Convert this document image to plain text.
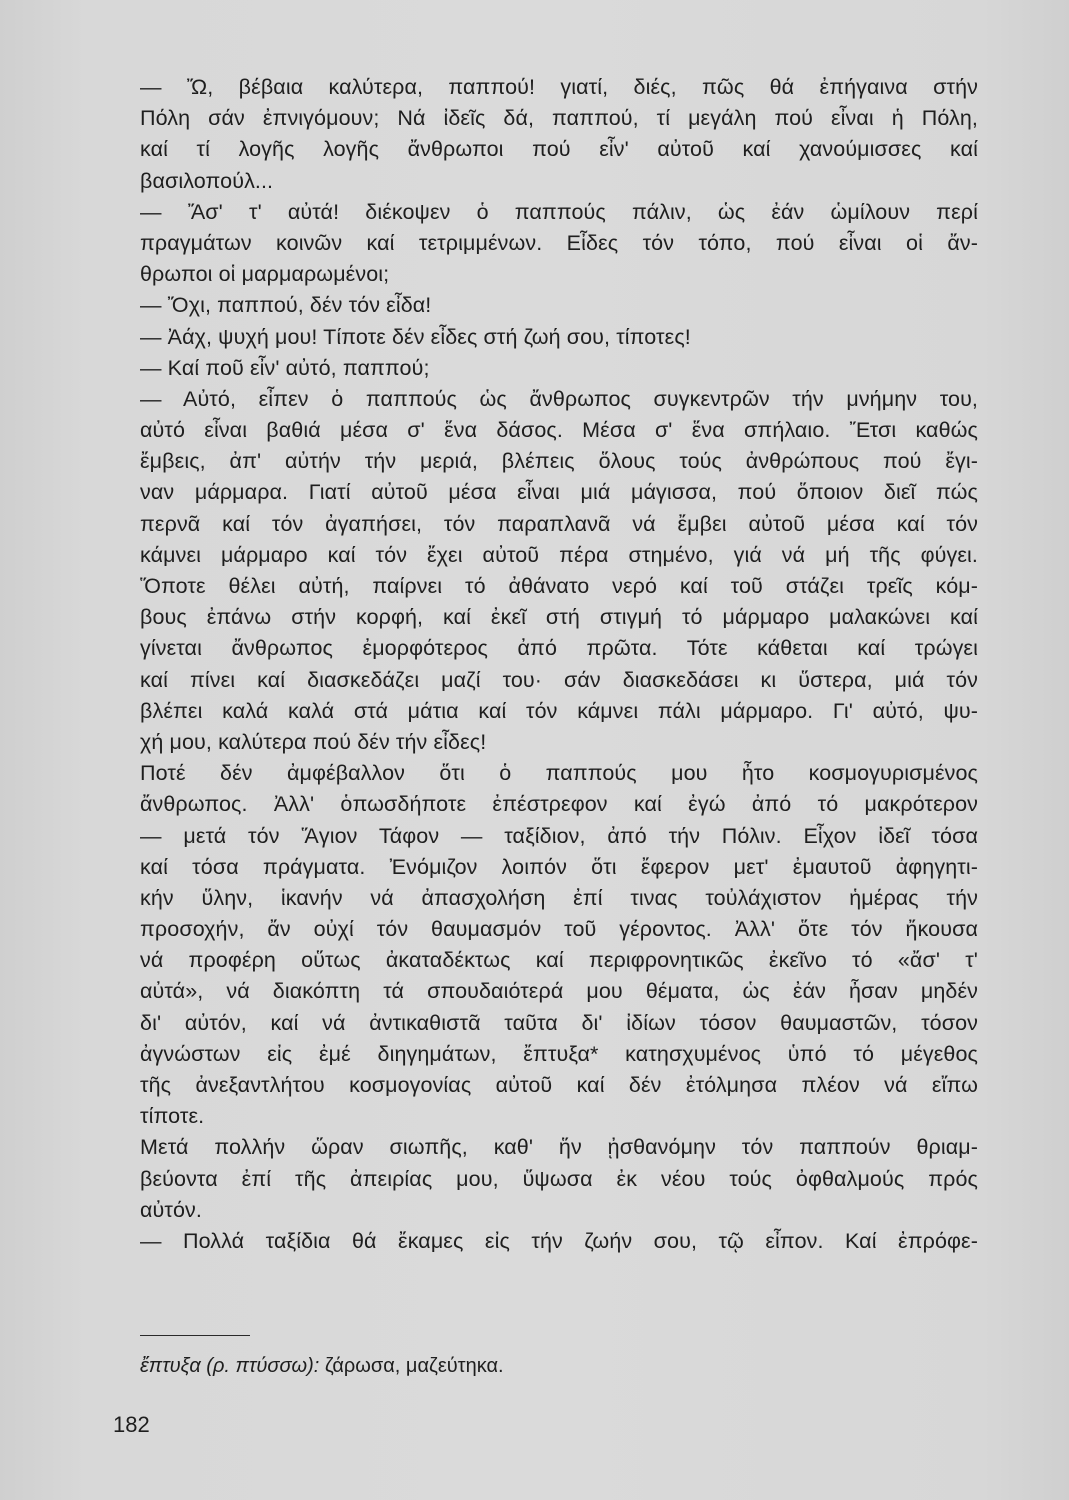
— Ὤ, βέβαια καλύτερα, παππού! γιατί, διές, πῶς θά ἐπήγαινα στήν
Πόλη σάν ἐπνιγόμουν; Νά ἰδεῖς δά, παππού, τί μεγάλη πού εἶναι ἡ Πόλη,
καί τί λογῆς λογῆς ἄνθρωποι πού εἶν' αὐτοῦ καί χανούμισσες καί
βασιλοπούλ...
— Ἄσ' τ' αὐτά! διέκοψεν ὁ παππούς πάλιν, ὡς ἐάν ὡμίλουν περί
πραγμάτων κοινῶν καί τετριμμένων. Εἶδες τόν τόπο, πού εἶναι οἱ ἄν-
θρωποι οἱ μαρμαρωμένοι;
— Ὄχι, παππού, δέν τόν εἶδα!
— Ἀάχ, ψυχή μου! Τίποτε δέν εἶδες στή ζωή σου, τίποτες!
— Καί ποῦ εἶν' αὐτό, παππού;
— Αὐτό, εἶπεν ὁ παππούς ὡς ἄνθρωπος συγκεντρῶν τήν μνήμην του,
αὐτό εἶναι βαθιά μέσα σ' ἕνα δάσος. Μέσα σ' ἕνα σπήλαιο. Ἔτσι καθώς
ἔμβεις, ἀπ' αὐτήν τήν μεριά, βλέπεις ὅλους τούς ἀνθρώπους πού ἔγι-
ναν μάρμαρα. Γιατί αὐτοῦ μέσα εἶναι μιά μάγισσα, πού ὅποιον διεῖ πώς
περνᾶ καί τόν ἀγαπήσει, τόν παραπλανᾶ νά ἔμβει αὐτοῦ μέσα καί τόν
κάμνει μάρμαρο καί τόν ἔχει αὐτοῦ πέρα στημένο, γιά νά μή τῆς φύγει.
Ὅποτε θέλει αὐτή, παίρνει τό ἀθάνατο νερό καί τοῦ στάζει τρεῖς κόμ-
βους ἐπάνω στήν κορφή, καί ἐκεῖ στή στιγμή τό μάρμαρο μαλακώνει καί
γίνεται ἄνθρωπος ἐμορφότερος ἀπό πρῶτα. Τότε κάθεται καί τρώγει
καί πίνει καί διασκεδάζει μαζί του· σάν διασκεδάσει κι ὕστερα, μιά τόν
βλέπει καλά καλά στά μάτια καί τόν κάμνει πάλι μάρμαρο. Γι' αὐτό, ψυ-
χή μου, καλύτερα πού δέν τήν εἶδες!
Ποτέ δέν ἀμφέβαλλον ὅτι ὁ παππούς μου ἦτο κοσμογυρισμένος
ἄνθρωπος. Ἀλλ' ὁπωσδήποτε ἐπέστρεφον καί ἐγώ ἀπό τό μακρότερον
— μετά τόν Ἅγιον Τάφον — ταξίδιον, ἀπό τήν Πόλιν. Εἶχον ἰδεῖ τόσα
καί τόσα πράγματα. Ἐνόμιζον λοιπόν ὅτι ἔφερον μετ' ἐμαυτοῦ ἀφηγητι-
κήν ὕλην, ἱκανήν νά ἀπασχολήση ἐπί τινας τοὐλάχιστον ἡμέρας τήν
προσοχήν, ἄν οὐχί τόν θαυμασμόν τοῦ γέροντος. Ἀλλ' ὅτε τόν ἤκουσα
νά προφέρη οὕτως ἀκαταδέκτως καί περιφρονητικῶς ἐκεῖνο τό «ἄσ' τ'
αὐτά», νά διακόπτη τά σπουδαιότερά μου θέματα, ὡς ἐάν ἦσαν μηδέν
δι' αὐτόν, καί νά ἀντικαθιστᾶ ταῦτα δι' ἰδίων τόσον θαυμαστῶν, τόσον
ἀγνώστων εἰς ἐμέ διηγημάτων, ἔπτυξα* κατησχυμένος ὑπό τό μέγεθος
τῆς ἀνεξαντλήτου κοσμογονίας αὐτοῦ καί δέν ἐτόλμησα πλέον νά εἴπω
τίποτε.
Μετά πολλήν ὥραν σιωπῆς, καθ' ἥν ᾐσθανόμην τόν παππούν θριαμ-
βεύοντα ἐπί τῆς ἀπειρίας μου, ὕψωσα ἐκ νέου τούς ὀφθαλμούς πρός
αὐτόν.
— Πολλά ταξίδια θά ἔκαμες εἰς τήν ζωήν σου, τῷ εἶπον. Καί ἐπρόφε-
ἔπτυξα (ρ. πτύσσω): ζάρωσα, μαζεύτηκα.
182
